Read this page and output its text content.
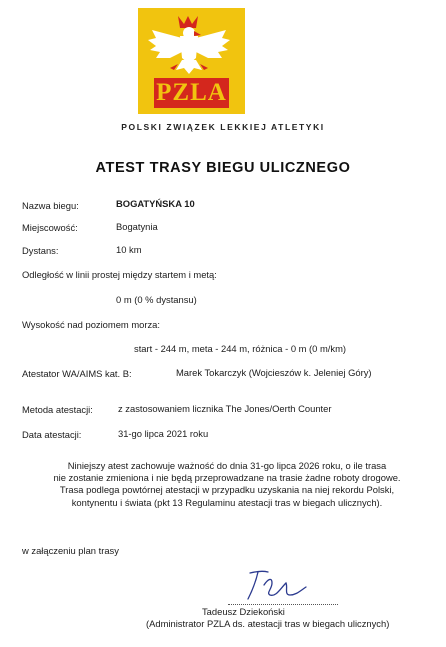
PZLA
POLSKI ZWIĄZEK LEKKIEJ ATLETYKI
ATEST TRASY BIEGU ULICZNEGO
Nazwa biegu:	BOGATYŃSKA 10
Miejscowość:	Bogatynia
Dystans:	10 km
Odległość w linii prostej między startem i metą:
0 m (0 % dystansu)
Wysokość nad poziomem morza:
start - 244 m, meta - 244 m, różnica - 0 m (0 m/km)
Atestator WA/AIMS kat. B:	Marek Tokarczyk (Wojcieszów k. Jeleniej Góry)
Metoda atestacji:	z zastosowaniem licznika The Jones/Oerth Counter
Data atestacji:	31-go lipca 2021 roku
Niniejszy atest zachowuje ważność do dnia 31-go lipca 2026 roku, o ile trasa
nie zostanie zmieniona i nie będą przeprowadzane na trasie żadne roboty drogowe.
Trasa podlega powtórnej atestacji w przypadku uzyskania na niej rekordu Polski,
kontynentu i świata (pkt 13 Regulaminu atestacji tras w biegach ulicznych).
w załączeniu plan trasy
Tadeusz Dziekoński
(Administrator PZLA ds. atestacji tras w biegach ulicznych)
